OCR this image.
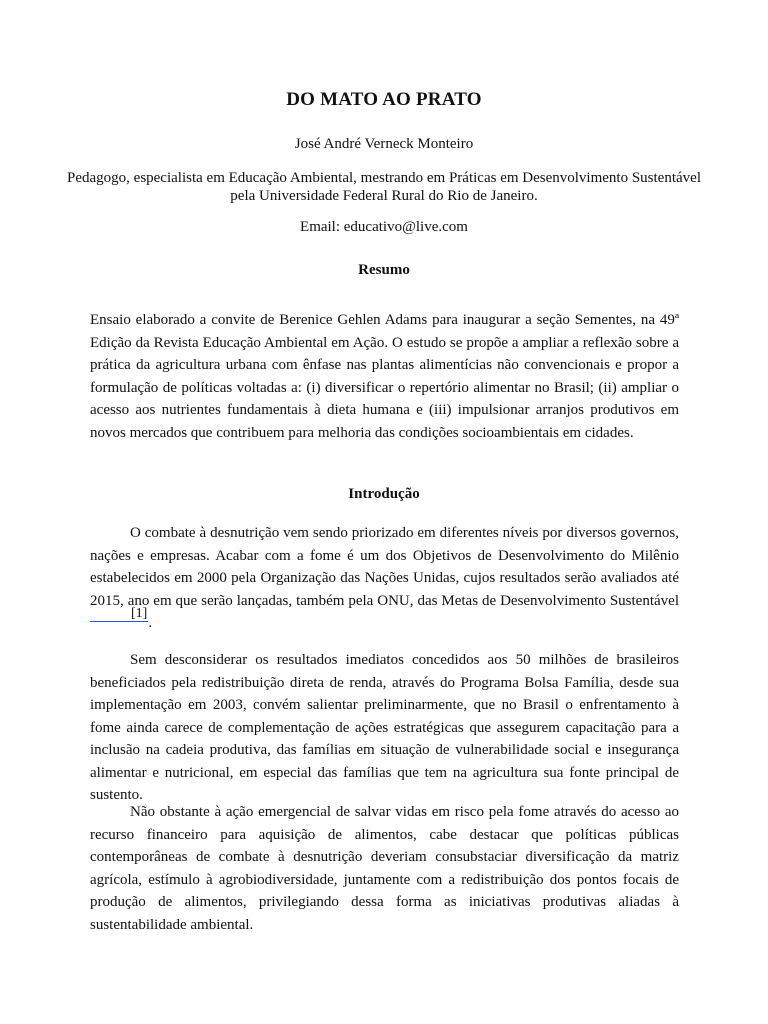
DO MATO AO PRATO
José André Verneck Monteiro
Pedagogo, especialista em Educação Ambiental, mestrando em Práticas em Desenvolvimento Sustentável pela Universidade Federal Rural do Rio de Janeiro.
Email: educativo@live.com
Resumo

Ensaio elaborado a convite de Berenice Gehlen Adams para inaugurar a seção Sementes, na 49ª Edição da Revista Educação Ambiental em Ação. O estudo se propõe a ampliar a reflexão sobre a prática da agricultura urbana com ênfase nas plantas alimentícias não convencionais e propor a formulação de políticas voltadas a: (i) diversificar o repertório alimentar no Brasil; (ii) ampliar o acesso aos nutrientes fundamentais à dieta humana e (iii) impulsionar arranjos produtivos em novos mercados que contribuem para melhoria das condições socioambientais em cidades.

Introdução

O combate à desnutrição vem sendo priorizado em diferentes níveis por diversos governos, nações e empresas. Acabar com a fome é um dos Objetivos de Desenvolvimento do Milênio estabelecidos em 2000 pela Organização das Nações Unidas, cujos resultados serão avaliados até 2015, ano em que serão lançadas, também pela ONU, das Metas de Desenvolvimento Sustentável [1].

Sem desconsiderar os resultados imediatos concedidos aos 50 milhões de brasileiros beneficiados pela redistribuição direta de renda, através do Programa Bolsa Família, desde sua implementação em 2003, convém salientar preliminarmente, que no Brasil o enfrentamento à fome ainda carece de complementação de ações estratégicas que assegurem capacitação para a inclusão na cadeia produtiva, das famílias em situação de vulnerabilidade social e insegurança alimentar e nutricional, em especial das famílias que tem na agricultura sua fonte principal de sustento.

Não obstante à ação emergencial de salvar vidas em risco pela fome através do acesso ao recurso financeiro para aquisição de alimentos, cabe destacar que políticas públicas contemporâneas de combate à desnutrição deveriam consubstaciar diversificação da matriz agrícola, estímulo à agrobiodiversidade, juntamente com a redistribuição dos pontos focais de produção de alimentos, privilegiando dessa forma as iniciativas produtivas aliadas à sustentabilidade ambiental.
